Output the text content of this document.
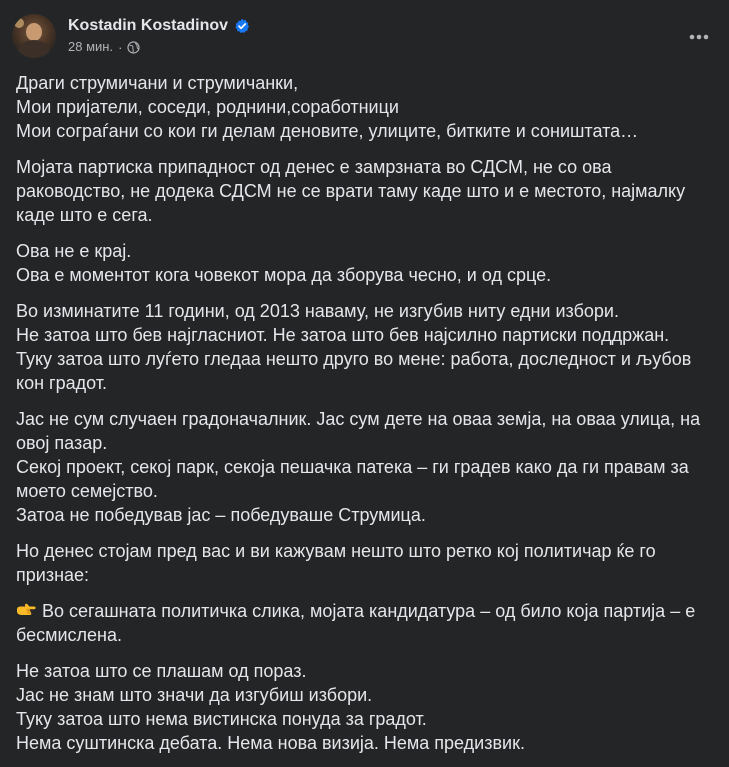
Kostadin Kostadinov
28 мин. ·

Драги струмичани и струмичанки,
Мои пријатели, соседи, роднини,соработници
Мои сограѓани со кои ги делам деновите, улиците, битките и соништата…

Мојата партиска припадност од денес е замрзната во СДСМ, не со ова раководство, не додека СДСМ не се врати таму каде што и е местото, најмалку каде што е сега.

Ова не е крај.
Ова е моментот кога човекот мора да зборува чесно, и од срце.

Во изминатите 11 години, од 2013 наваму, не изгубив ниту едни избори.
Не затоа што бев најгласниот. Не затоа што бев најсилно партиски поддржан.
Туку затоа што луѓето гледаа нешто друго во мене: работа, доследност и љубов кон градот.

Јас не сум случаен градоначалник. Јас сум дете на оваа земја, на оваа улица, на овој пазар.
Секој проект, секој парк, секоја пешачка патека – ги градев како да ги правам за моето семејство.
Затоа не победував јас – победуваше Струмица.

Но денес стојам пред вас и ви кажувам нешто што ретко кој политичар ќе го признае:

Во сегашната политичка слика, мојата кандидатура – од било која партија – е бесмислена.

Не затоа што се плашам од пораз.
Јас не знам што значи да изгубиш избори.
Туку затоа што нема вистинска понуда за градот.
Нема суштинска дебата. Нема нова визија. Нема предизвик.
